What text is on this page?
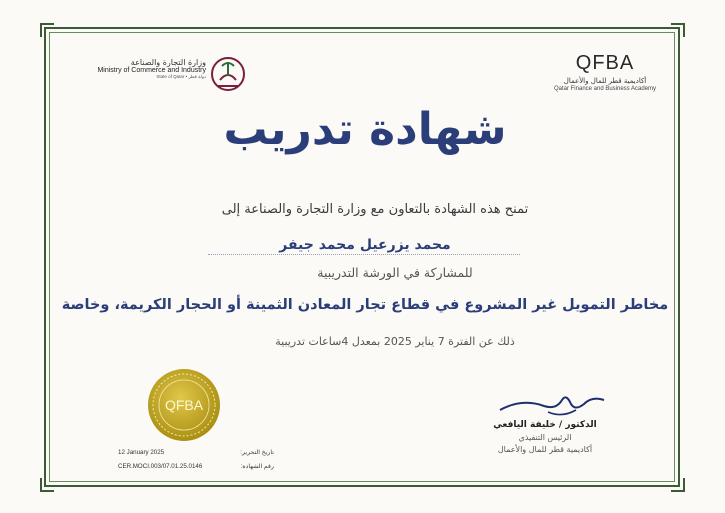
QFBA
أكاديمية قطر للمال والأعمال
Qatar Finance and Business Academy
وزارة التجارة والصناعة
Ministry of Commerce and Industry
State of Qatar • دولة قطر
شهادة تدريب
تمنح هذه الشهادة بالتعاون مع وزارة التجارة والصناعة إلى
محمد يزرعيل محمد جيفر
للمشاركة في الورشة التدريبية
مخاطر التمويل غير المشروع في قطاع تجار المعادن الثمينة أو الحجار الكريمة، وخاصة
ذلك عن الفترة 7 يناير 2025 بمعدل 4ساعات تدريبية
QFBA
12 January 2025	تاريخ التحرير:
CER.MOCI.003/07.01.25.0146	رقم الشهادة:
الدكتور / خليفة اليافعي
الرئيس التنفيذي
أكاديمية قطر للمال والأعمال
